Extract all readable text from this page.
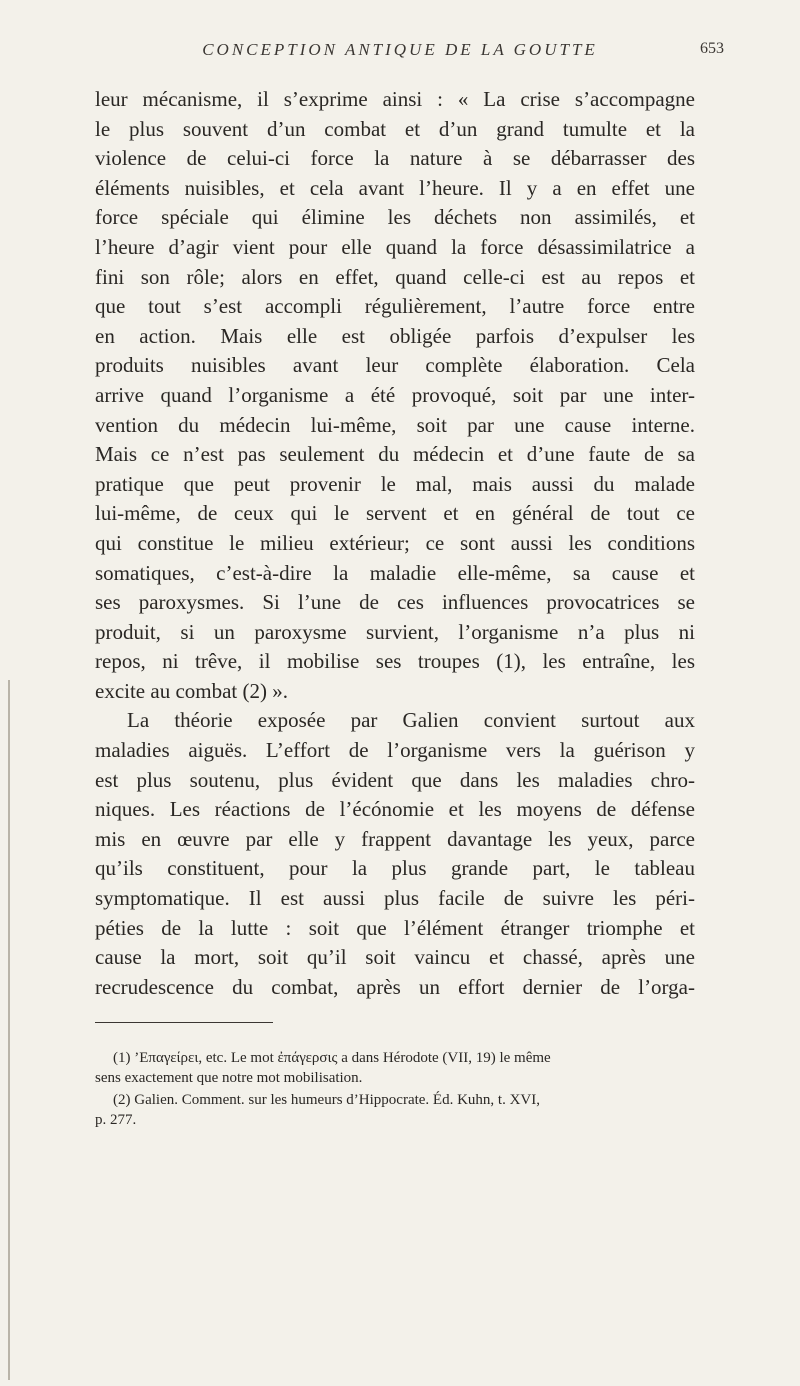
CONCEPTION ANTIQUE DE LA GOUTTE	653
leur mécanisme, il s’exprime ainsi : « La crise s’accompagne
le plus souvent d’un combat et d’un grand tumulte et la
violence de celui-ci force la nature à se débarrasser des
éléments nuisibles, et cela avant l’heure. Il y a en effet une
force spéciale qui élimine les déchets non assimilés, et
l’heure d’agir vient pour elle quand la force désassimilatrice a
fini son rôle; alors en effet, quand celle-ci est au repos et
que tout s’est accompli régulièrement, l’autre force entre
en action. Mais elle est obligée parfois d’expulser les
produits nuisibles avant leur complète élaboration. Cela
arrive quand l’organisme a été provoqué, soit par une inter-
vention du médecin lui-même, soit par une cause interne.
Mais ce n’est pas seulement du médecin et d’une faute de sa
pratique que peut provenir le mal, mais aussi du malade
lui-même, de ceux qui le servent et en général de tout ce
qui constitue le milieu extérieur; ce sont aussi les conditions
somatiques, c’est-à-dire la maladie elle-même, sa cause et
ses paroxysmes. Si l’une de ces influences provocatrices se
produit, si un paroxysme survient, l’organisme n’a plus ni
repos, ni trêve, il mobilise ses troupes (1), les entraîne, les
excite au combat (2) ».
La théorie exposée par Galien convient surtout aux
maladies aiguës. L’effort de l’organisme vers la guérison y
est plus soutenu, plus évident que dans les maladies chro-
niques. Les réactions de l’écónomie et les moyens de défense
mis en œuvre par elle y frappent davantage les yeux, parce
qu’ils constituent, pour la plus grande part, le tableau
symptomatique. Il est aussi plus facile de suivre les péri-
péties de la lutte : soit que l’élément étranger triomphe et
cause la mort, soit qu’il soit vaincu et chassé, après une
recrudescence du combat, après un effort dernier de l’orga-
(1) ’Επαγείρει, etc. Le mot ἐπάγερσις a dans Hérodote (VII, 19) le même
sens exactement que notre mot mobilisation.
(2) Galien. Comment. sur les humeurs d’Hippocrate. Éd. Kuhn, t. XVI,
p. 277.
